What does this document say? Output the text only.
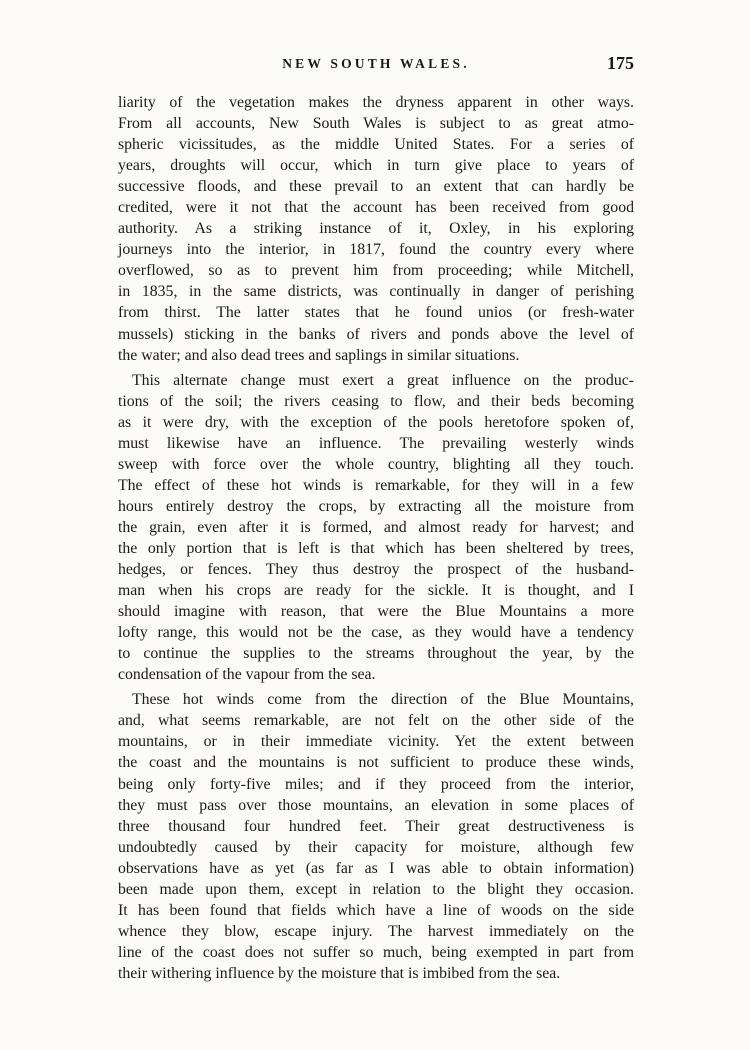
NEW SOUTH WALES.	175
liarity of the vegetation makes the dryness apparent in other ways.
From all accounts, New South Wales is subject to as great atmo-
spheric vicissitudes, as the middle United States. For a series of
years, droughts will occur, which in turn give place to years of
successive floods, and these prevail to an extent that can hardly be
credited, were it not that the account has been received from good
authority. As a striking instance of it, Oxley, in his exploring
journeys into the interior, in 1817, found the country every where
overflowed, so as to prevent him from proceeding; while Mitchell,
in 1835, in the same districts, was continually in danger of perishing
from thirst. The latter states that he found unios (or fresh-water
mussels) sticking in the banks of rivers and ponds above the level of
the water; and also dead trees and saplings in similar situations.
This alternate change must exert a great influence on the produc-
tions of the soil; the rivers ceasing to flow, and their beds becoming
as it were dry, with the exception of the pools heretofore spoken of,
must likewise have an influence. The prevailing westerly winds
sweep with force over the whole country, blighting all they touch.
The effect of these hot winds is remarkable, for they will in a few
hours entirely destroy the crops, by extracting all the moisture from
the grain, even after it is formed, and almost ready for harvest; and
the only portion that is left is that which has been sheltered by trees,
hedges, or fences. They thus destroy the prospect of the husband-
man when his crops are ready for the sickle. It is thought, and I
should imagine with reason, that were the Blue Mountains a more
lofty range, this would not be the case, as they would have a tendency
to continue the supplies to the streams throughout the year, by the
condensation of the vapour from the sea.
These hot winds come from the direction of the Blue Mountains,
and, what seems remarkable, are not felt on the other side of the
mountains, or in their immediate vicinity. Yet the extent between
the coast and the mountains is not sufficient to produce these winds,
being only forty-five miles; and if they proceed from the interior,
they must pass over those mountains, an elevation in some places of
three thousand four hundred feet. Their great destructiveness is
undoubtedly caused by their capacity for moisture, although few
observations have as yet (as far as I was able to obtain information)
been made upon them, except in relation to the blight they occasion.
It has been found that fields which have a line of woods on the side
whence they blow, escape injury. The harvest immediately on the
line of the coast does not suffer so much, being exempted in part from
their withering influence by the moisture that is imbibed from the sea.
